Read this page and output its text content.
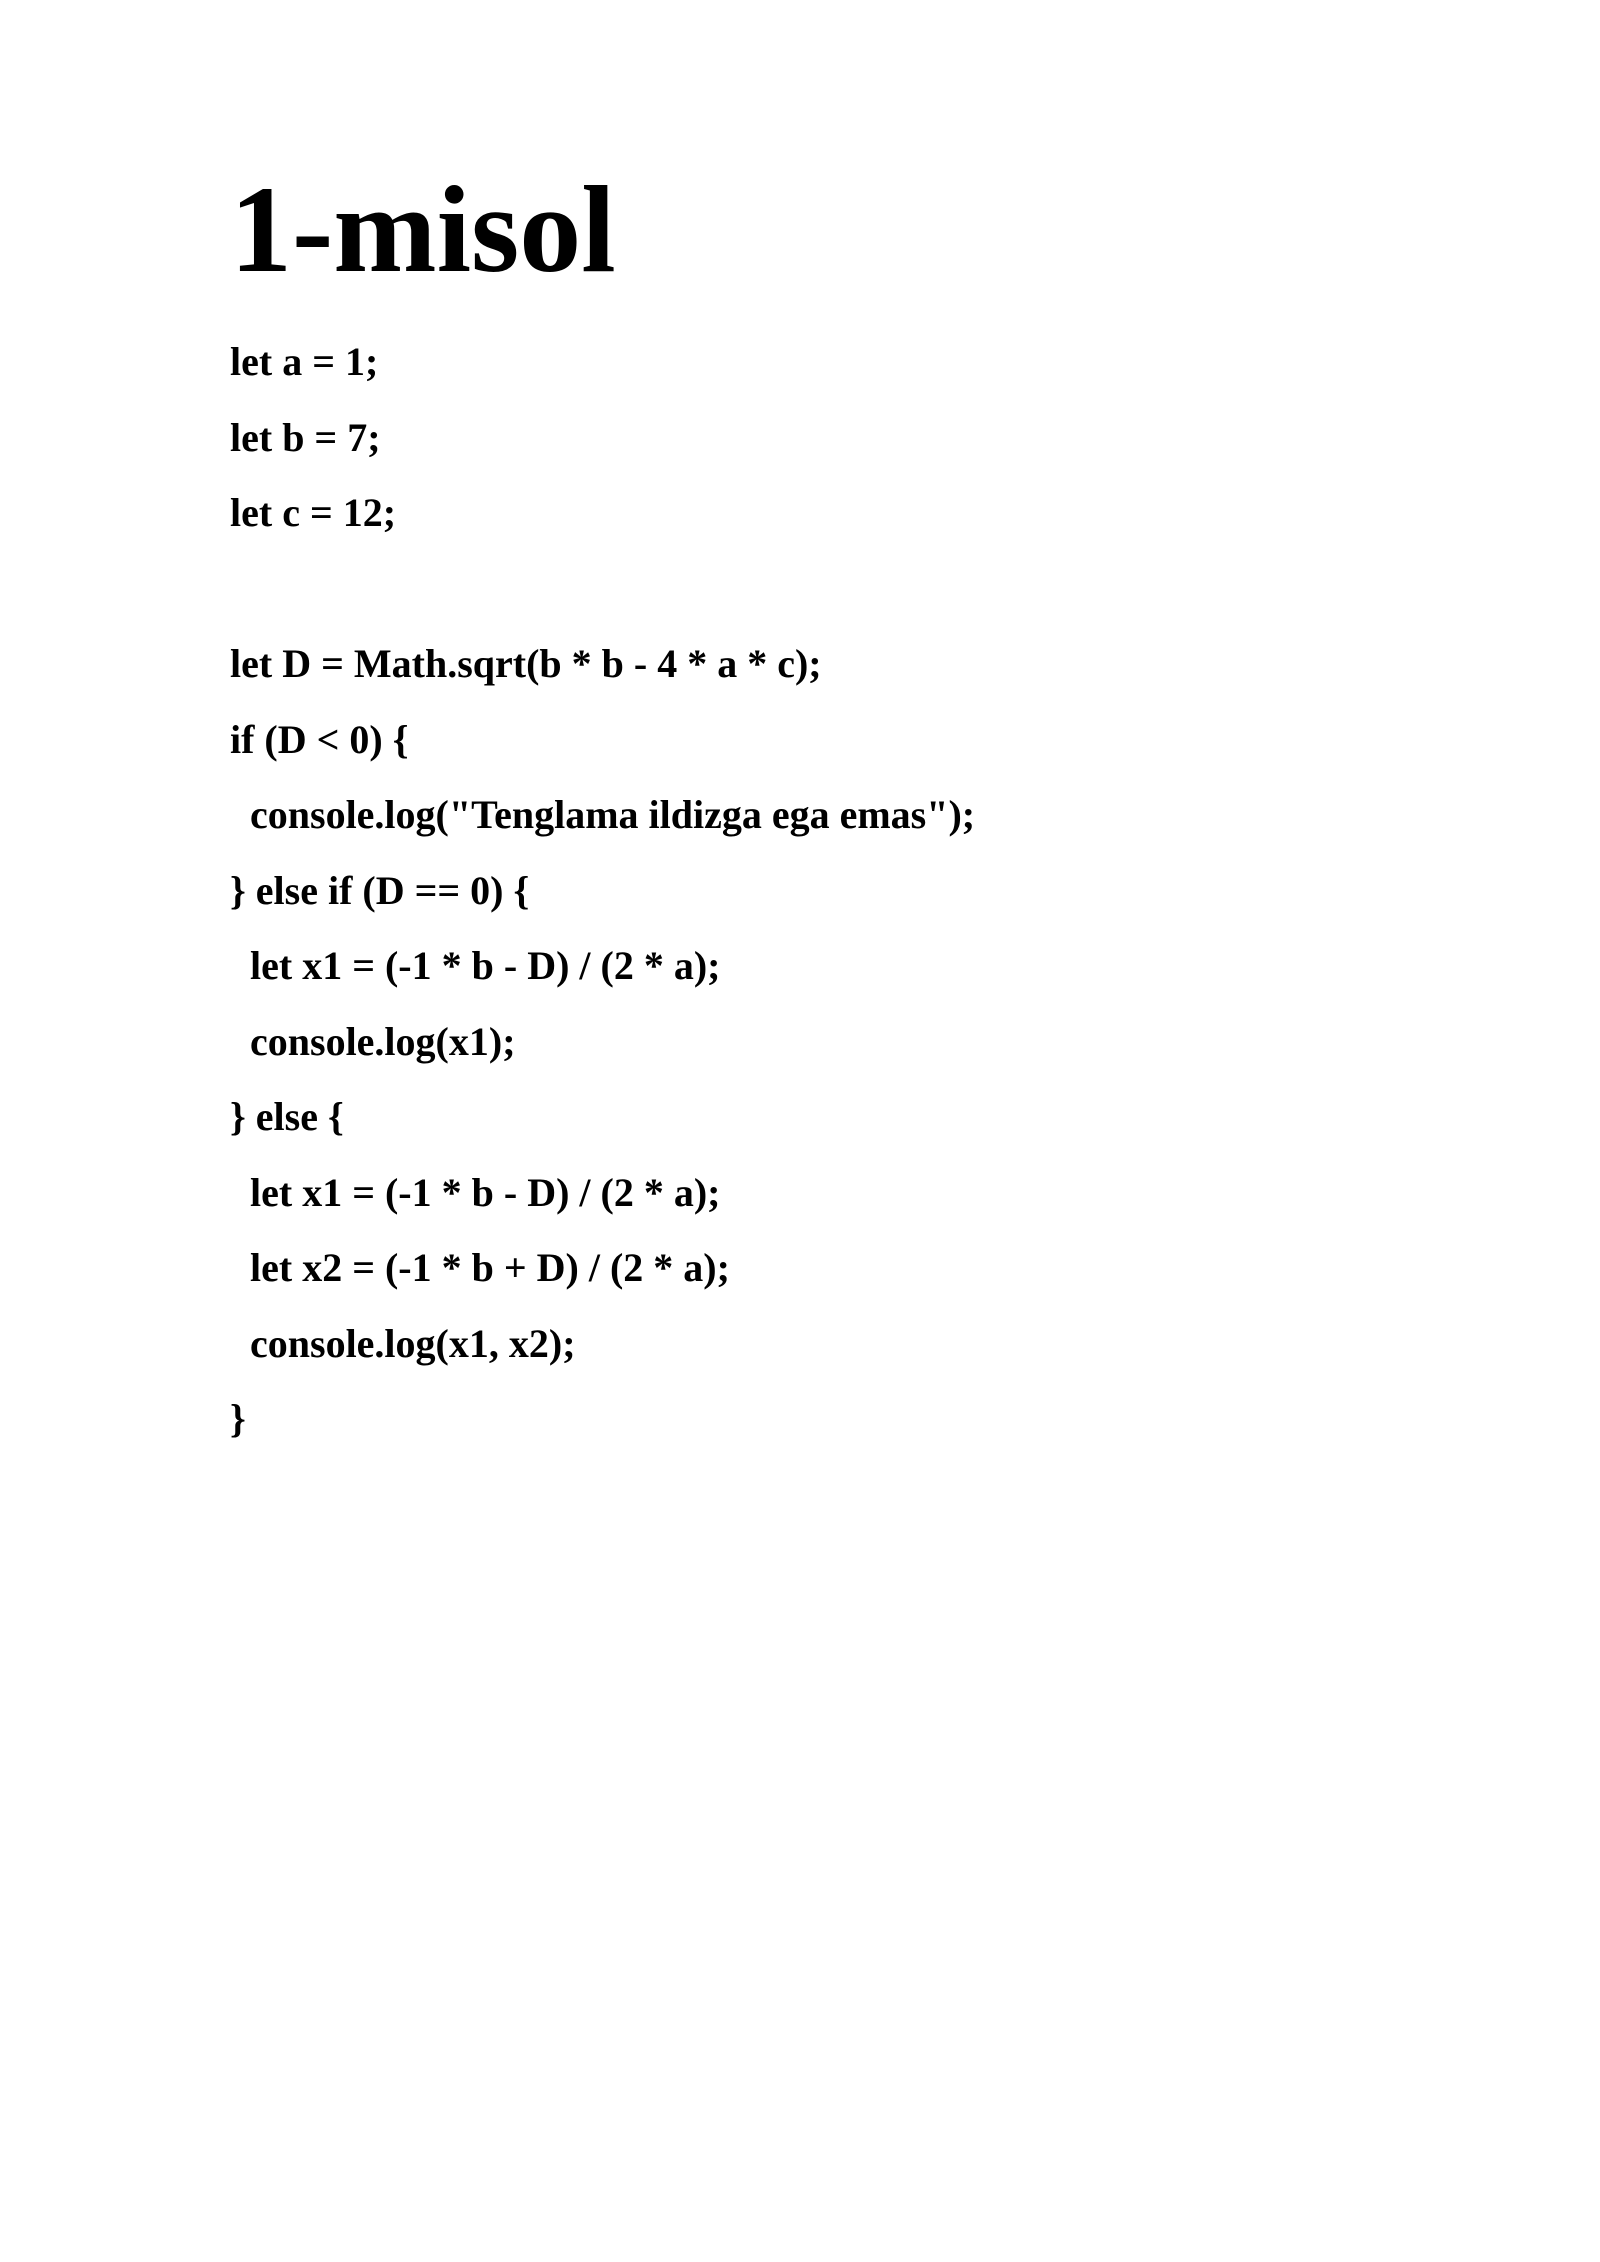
1-misol
let a = 1;
let b = 7;
let c = 12;
let D = Math.sqrt(b * b - 4 * a * c);
if (D < 0) {
console.log("Tenglama ildizga ega emas");
} else if (D == 0) {
let x1 = (-1 * b - D) / (2 * a);
console.log(x1);
} else {
let x1 = (-1 * b - D) / (2 * a);
let x2 = (-1 * b + D) / (2 * a);
console.log(x1, x2);
}
